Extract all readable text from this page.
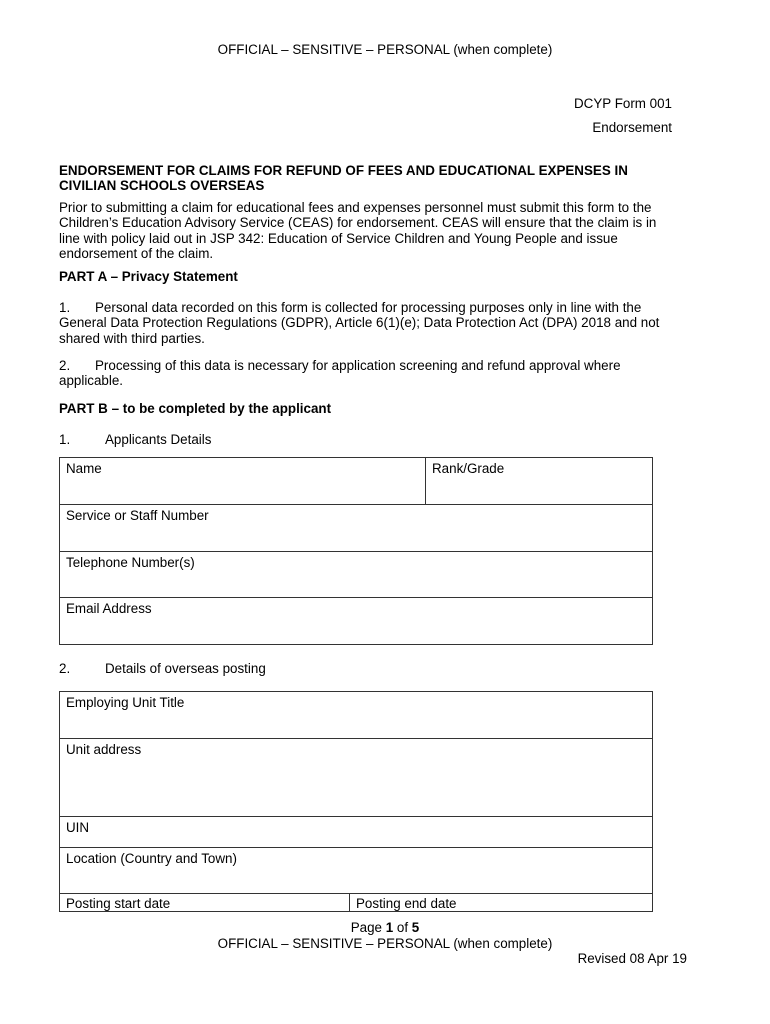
OFFICIAL – SENSITIVE – PERSONAL (when complete)
DCYP Form 001
Endorsement
ENDORSEMENT FOR CLAIMS FOR REFUND OF FEES AND EDUCATIONAL EXPENSES IN
CIVILIAN SCHOOLS OVERSEAS
Prior to submitting a claim for educational fees and expenses personnel must submit this form to the Children’s Education Advisory Service (CEAS) for endorsement. CEAS will ensure that the claim is in line with policy laid out in JSP 342: Education of Service Children and Young People and issue endorsement of the claim.
PART A – Privacy Statement
1. Personal data recorded on this form is collected for processing purposes only in line with the General Data Protection Regulations (GDPR), Article 6(1)(e); Data Protection Act (DPA) 2018 and not shared with third parties.
2. Processing of this data is necessary for application screening and refund approval where applicable.
PART B – to be completed by the applicant
1.	Applicants Details
Name	Rank/Grade

Service or Staff Number

Telephone Number(s)

Email Address
2.	Details of overseas posting
Employing Unit Title

Unit address

UIN

Location (Country and Town)

Posting start date	Posting end date
Page 1 of 5
OFFICIAL – SENSITIVE – PERSONAL (when complete)
Revised 08 Apr 19
